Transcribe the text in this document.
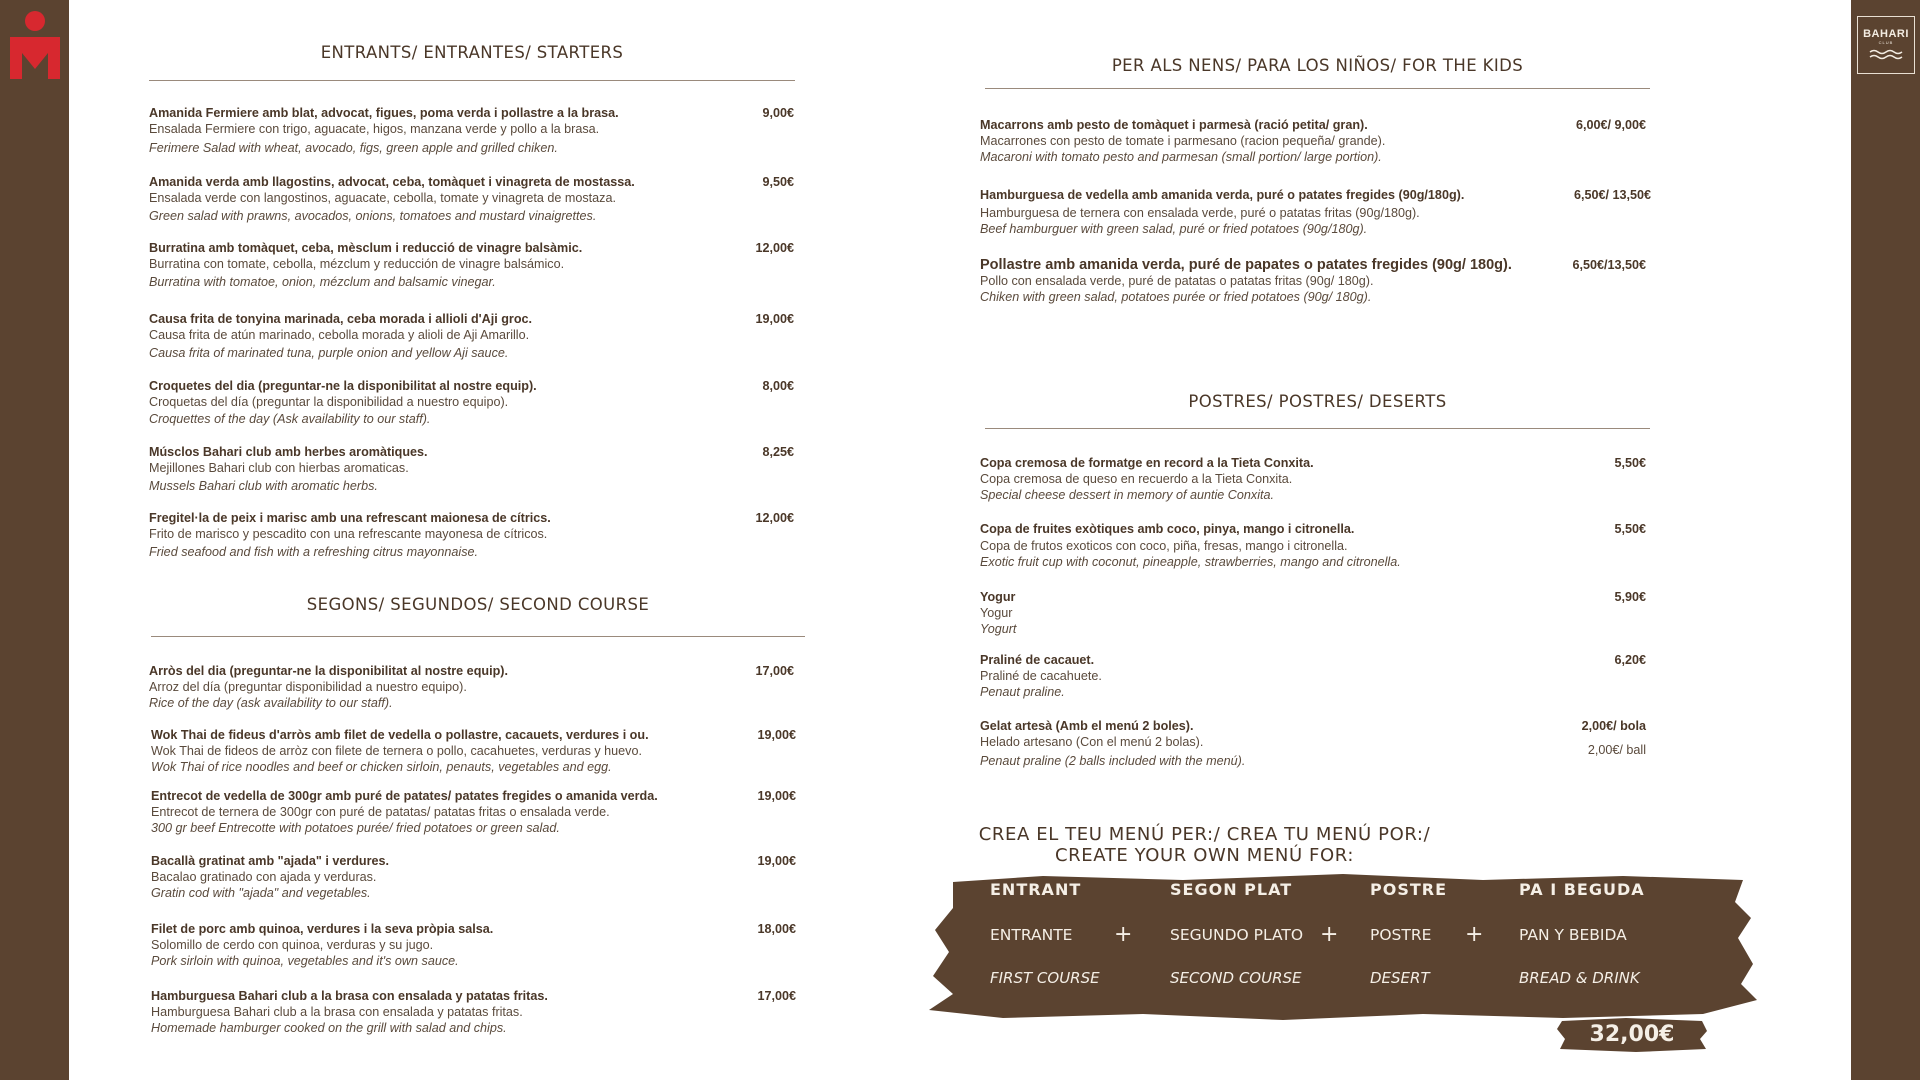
BAHARI
CLUB
ENTRANTS/ ENTRANTES/ STARTERS
Amanida Fermiere amb blat, advocat, figues, poma verda i pollastre a la brasa.
Ensalada Fermiere con trigo, aguacate, higos, manzana verde y pollo a la brasa.
Ferimere Salad with wheat, avocado, figs, green apple and grilled chiken.
9,00€
Amanida verda amb llagostins, advocat, ceba, tomàquet i vinagreta de mostassa.
Ensalada verde con langostinos, aguacate, cebolla, tomate y vinagreta de mostaza.
Green salad with prawns, avocados, onions, tomatoes and mustard vinaigrettes.
9,50€
Burratina amb tomàquet, ceba, mèsclum i reducció de vinagre balsàmic.
Burratina con tomate, cebolla, mézclum y reducción de vinagre balsámico.
Burratina with tomatoe, onion, mézclum and balsamic vinegar.
12,00€
Causa frita de tonyina marinada, ceba morada i allioli d'Aji groc.
Causa frita de atún marinado, cebolla morada y alioli de Aji Amarillo.
Causa frita of marinated tuna, purple onion and yellow Aji sauce.
19,00€
Croquetes del dia (preguntar-ne la disponibilitat al nostre equip).
Croquetas del día (preguntar la disponibilidad a nuestro equipo).
Croquettes of the day (Ask availability to our staff).
8,00€
Músclos Bahari club amb herbes aromàtiques.
Mejillones Bahari club con hierbas aromaticas.
Mussels Bahari club with aromatic herbs.
8,25€
Fregitel·la de peix i marisc amb una refrescant maionesa de cítrics.
Frito de marisco y pescadito con una refrescante mayonesa de cítricos.
Fried seafood and fish with a refreshing citrus mayonnaise.
12,00€
SEGONS/ SEGUNDOS/ SECOND COURSE
Arròs del dia (preguntar-ne la disponibilitat al nostre equip).
Arroz del día (preguntar disponibilidad a nuestro equipo).
Rice of the day (ask availability to our staff).
17,00€
Wok Thai de fideus d'arròs amb filet de vedella o pollastre, cacauets, verdures i ou.
Wok Thai de fideos de arròz con filete de ternera o pollo, cacahuetes, verduras y huevo.
Wok Thai of rice noodles and beef or chicken sirloin, penauts, vegetables and egg.
19,00€
Entrecot de vedella de 300gr amb puré de patates/ patates fregides o amanida verda.
Entrecot de ternera de 300gr con puré de patatas/ patatas fritas o ensalada verde.
300 gr beef Entrecotte with potatoes purée/ fried potatoes or green salad.
19,00€
Bacallà gratinat amb "ajada" i verdures.
Bacalao gratinado con ajada y verduras.
Gratin cod with "ajada" and vegetables.
19,00€
Filet de porc amb quinoa, verdures i la seva pròpia salsa.
Solomillo de cerdo con quinoa, verduras y su jugo.
Pork sirloin with quinoa, vegetables and it's own sauce.
18,00€
Hamburguesa Bahari club a la brasa con ensalada y patatas fritas.
Hamburguesa Bahari club a la brasa con ensalada y patatas fritas.
Homemade hamburger cooked on the grill with salad and chips.
17,00€
PER ALS NENS/ PARA LOS NIÑOS/ FOR THE KIDS
Macarrons amb pesto de tomàquet i parmesà (ració petita/ gran).
Macarrones con pesto de tomate i parmesano (racion pequeña/ grande).
Macaroni with tomato pesto and parmesan (small portion/ large portion).
6,00€/ 9,00€
Hamburguesa de vedella amb amanida verda, puré o patates fregides (90g/180g).
Hamburguesa de ternera con ensalada verde, puré o patatas fritas (90g/180g).
Beef hamburguer with green salad, puré or fried potatoes (90g/180g).
6,50€/ 13,50€
Pollastre amb amanida verda, puré de papates o patates fregides (90g/ 180g).
Pollo con ensalada verde, puré de patatas o patatas fritas (90g/ 180g).
Chiken with green salad, potatoes purée or fried potatoes (90g/ 180g).
6,50€/13,50€
POSTRES/ POSTRES/ DESERTS
Copa cremosa de formatge en record a la Tieta Conxita.
Copa cremosa de queso en recuerdo a la Tieta Conxita.
Special cheese dessert in memory of auntie Conxita.
5,50€
Copa de fruites exòtiques amb coco, pinya, mango i citronella.
Copa de frutos exoticos con coco, piña, fresas, mango i citronella.
Exotic fruit cup with coconut, pineapple, strawberries, mango and citronella.
5,50€
Yogur
Yogur
Yogurt
5,90€
Praliné de cacauet.
Praliné de cacahuete.
Penaut praline.
6,20€
Gelat artesà (Amb el menú 2 boles).
Helado artesano (Con el menú 2 bolas).
Penaut praline (2 balls included with the menú).
2,00€/ bola
2,00€/ ball
CREA EL TEU MENÚ PER:/ CREA TU MENÚ POR:/ CREATE YOUR OWN MENÚ FOR:
ENTRANT
ENTRANTE
FIRST COURSE
SEGON PLAT
SEGUNDO PLATO
SECOND COURSE
POSTRE
POSTRE
DESERT
PA I BEGUDA
PAN Y BEBIDA
BREAD & DRINK
+	+	+
32,00€
